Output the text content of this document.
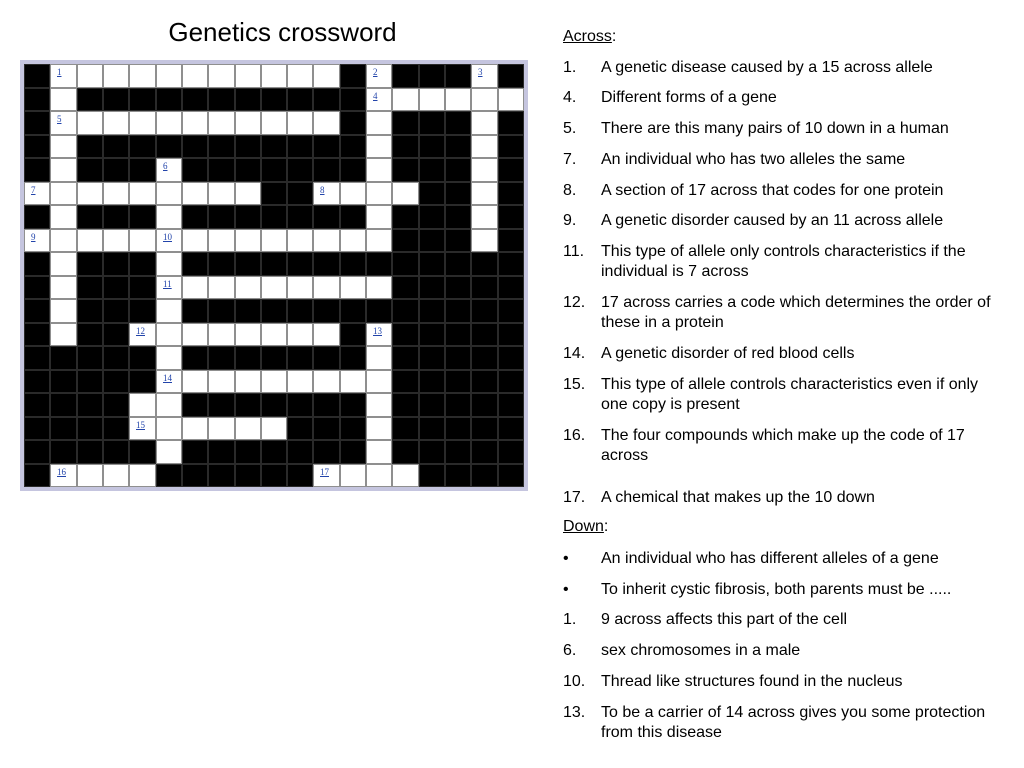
Genetics crossword
1	2	3
4
5
6
7	8
9	10
11
12	13
14
15
16	17
Across:
1.	A genetic disease caused by a 15 across allele
4.	Different forms of a gene
5.	There are this many pairs of 10 down in a human
7.	An individual who has two alleles the same
8.	A section of 17 across that codes for one protein
9.	A genetic disorder caused by an 11 across allele
11.	This type of allele only controls characteristics if the individual is 7 across
12. 17 across carries a code which determines the order of these in a protein
14. A genetic disorder of red blood cells
15. This type of allele controls characteristics even if only one copy is present
16. The four compounds which make up the code of 17 across
17. A chemical that makes up the 10 down
Down:
•	An individual who has different alleles of a gene
•	To inherit cystic fibrosis, both parents must be .....
1.	9 across affects this part of the cell
6.	sex chromosomes in a male
10. Thread like structures found in the nucleus
13. To be a carrier of 14 across gives you some protection from this disease
